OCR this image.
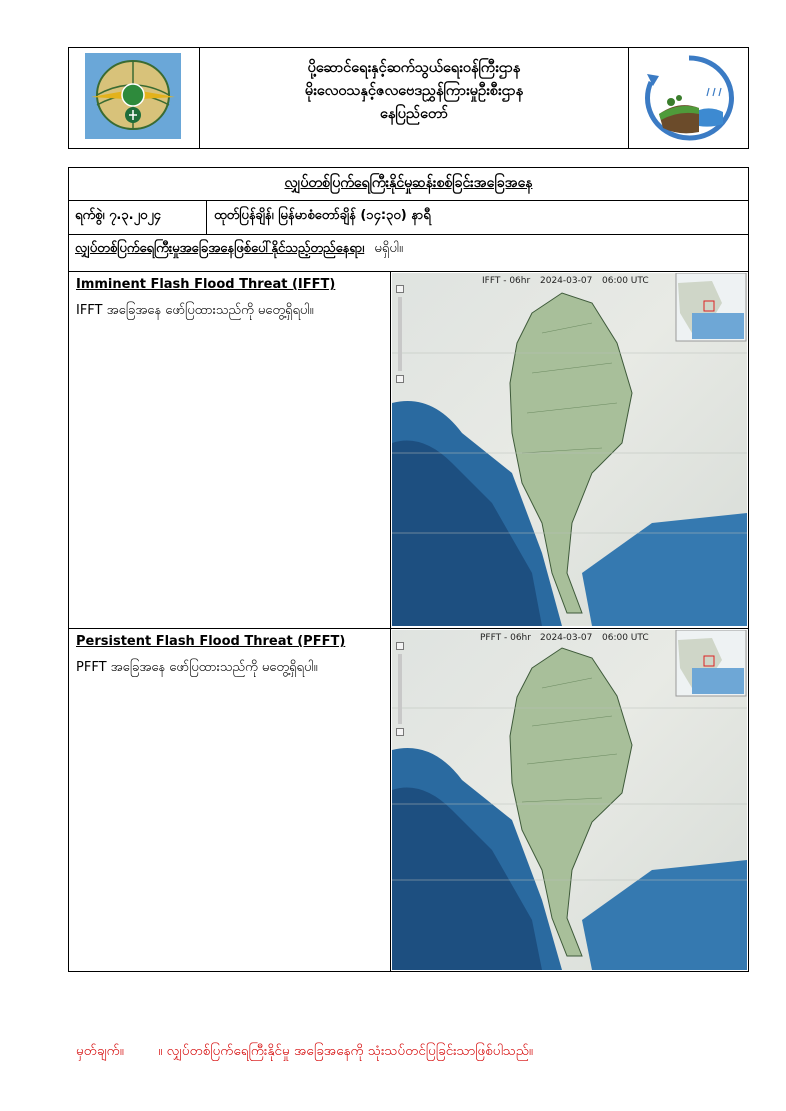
ပို့ဆောင်ရေးနှင့်ဆက်သွယ်ရေးဝန်ကြီးဌာန
မိုးလေဝသနှင့်ဇလဗေဒညွှန်ကြားမှုဦးစီးဌာန
နေပြည်တော်
လျှပ်တစ်ပြက်ရေကြီးနိုင်မှုဆန်းစစ်ခြင်းအခြေအနေ
ရက်စွဲ၊ ၇.၃.၂၀၂၄	ထုတ်ပြန်ချိန်၊ မြန်မာစံတော်ချိန် (၁၄:၃၀) နာရီ
လျှပ်တစ်ပြက်ရေကြီးမှုအခြေအနေဖြစ်ပေါ်နိုင်သည့်တည်နေရာ၊ မရှိပါ။
Imminent Flash Flood Threat (IFFT)
IFFT အခြေအနေ ဖော်ပြထားသည်ကို မတွေ့ရှိရပါ။
IFFT - 06hr 2024-03-07 06:00 UTC
Persistent Flash Flood Threat (PFFT)
PFFT အခြေအနေ ဖော်ပြထားသည်ကို မတွေ့ရှိရပါ။
PFFT - 06hr 2024-03-07 06:00 UTC
မှတ်ချက်။	။ လျှပ်တစ်ပြက်ရေကြီးနိုင်မှု အခြေအနေကို သုံးသပ်တင်ပြခြင်းသာဖြစ်ပါသည်။
